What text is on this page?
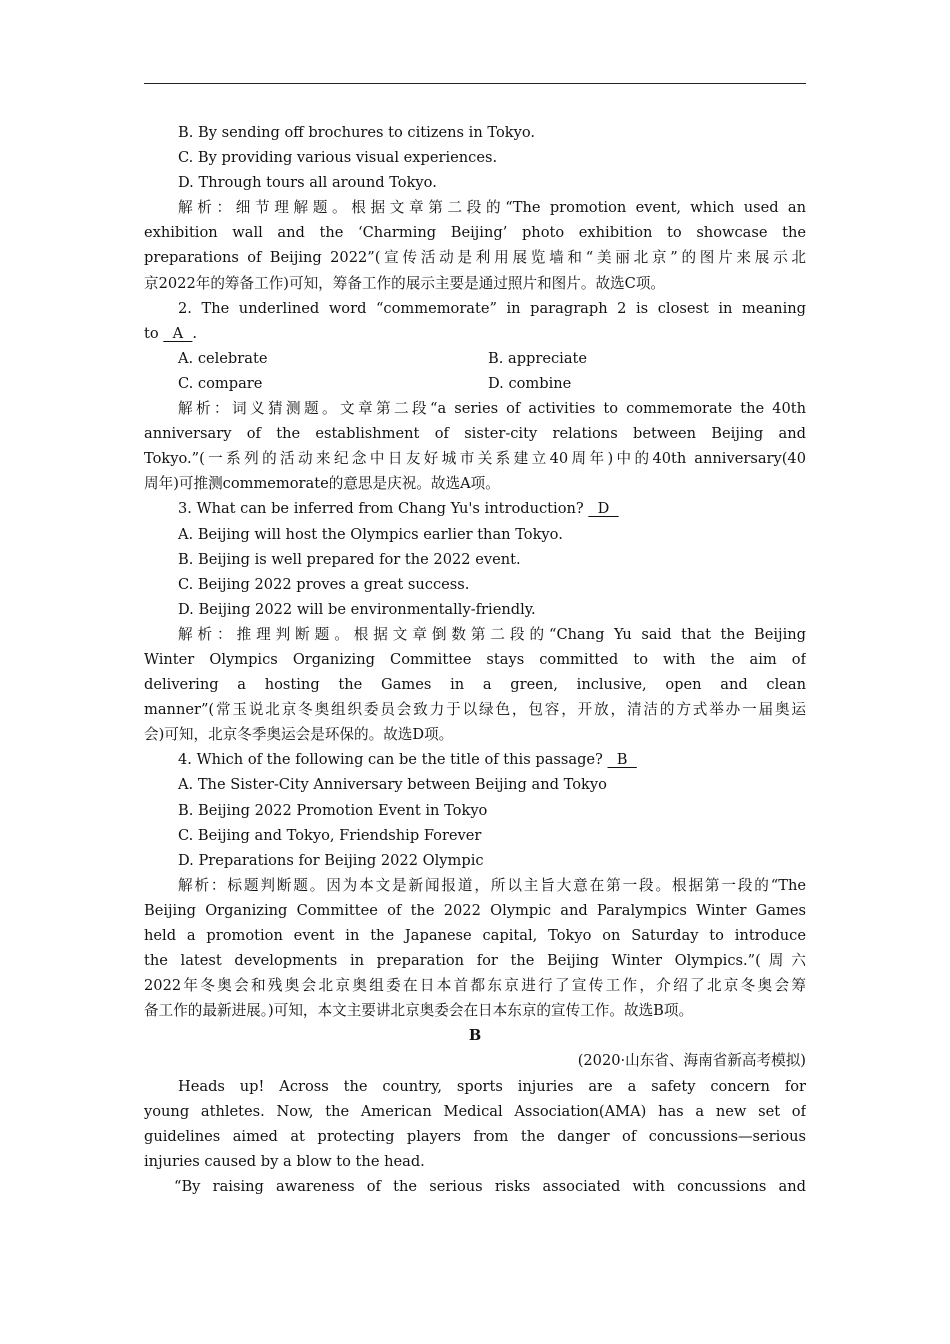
B. By sending off brochures to citizens in Tokyo.
C. By providing various visual experiences.
D. Through tours all around Tokyo.
解析：细节理解题。根据文章第二段的“The promotion event, which used an
exhibition wall and the ‘Charming Beijing’ photo exhibition to showcase the
preparations of Beijing 2022”(宣传活动是利用展览墙和“美丽北京”的图片来展示北
京2022年的筹备工作)可知，筹备工作的展示主要是通过照片和图片。故选C项。
2. The underlined word “commemorate” in paragraph 2 is closest in meaning
to   A  .
A. celebrate	B. appreciate
C. compare	D. combine
解析：词义猜测题。文章第二段“a series of activities to commemorate the 40th
anniversary of the establishment of sister-city relations between Beijing and
Tokyo.”(一系列的活动来纪念中日友好城市关系建立40周年)中的40th anniversary(40
周年)可推测commemorate的意思是庆祝。故选A项。
3. What can be inferred from Chang Yu's introduction?   D
A. Beijing will host the Olympics earlier than Tokyo.
B. Beijing is well prepared for the 2022 event.
C. Beijing 2022 proves a great success.
D. Beijing 2022 will be environmentally-friendly.
解析：推理判断题。根据文章倒数第二段的“Chang Yu said that the Beijing
Winter Olympics Organizing Committee stays committed to with the aim of
delivering a hosting the Games in a green, inclusive, open and clean
manner”(常玉说北京冬奥组织委员会致力于以绿色，包容，开放，清洁的方式举办一届奥运
会)可知，北京冬季奥运会是环保的。故选D项。
4. Which of the following can be the title of this passage?   B
A. The Sister-City Anniversary between Beijing and Tokyo
B. Beijing 2022 Promotion Event in Tokyo
C. Beijing and Tokyo, Friendship Forever
D. Preparations for Beijing 2022 Olympic
解析：标题判断题。因为本文是新闻报道，所以主旨大意在第一段。根据第一段的“The
Beijing Organizing Committee of the 2022 Olympic and Paralympics Winter Games
held a promotion event in the Japanese capital, Tokyo on Saturday to introduce
the latest developments in preparation for the Beijing Winter Olympics.”(周六
2022年冬奥会和残奥会北京奥组委在日本首都东京进行了宣传工作，介绍了北京冬奥会筹
备工作的最新进展。)可知，本文主要讲北京奥委会在日本东京的宣传工作。故选B项。
B
(2020·山东省、海南省新高考模拟)
Heads up! Across the country, sports injuries are a safety concern for
young athletes. Now, the American Medical Association(AMA) has a new set of
guidelines aimed at protecting players from the danger of concussions—serious
injuries caused by a blow to the head.
“By raising awareness of the serious risks associated with concussions and
